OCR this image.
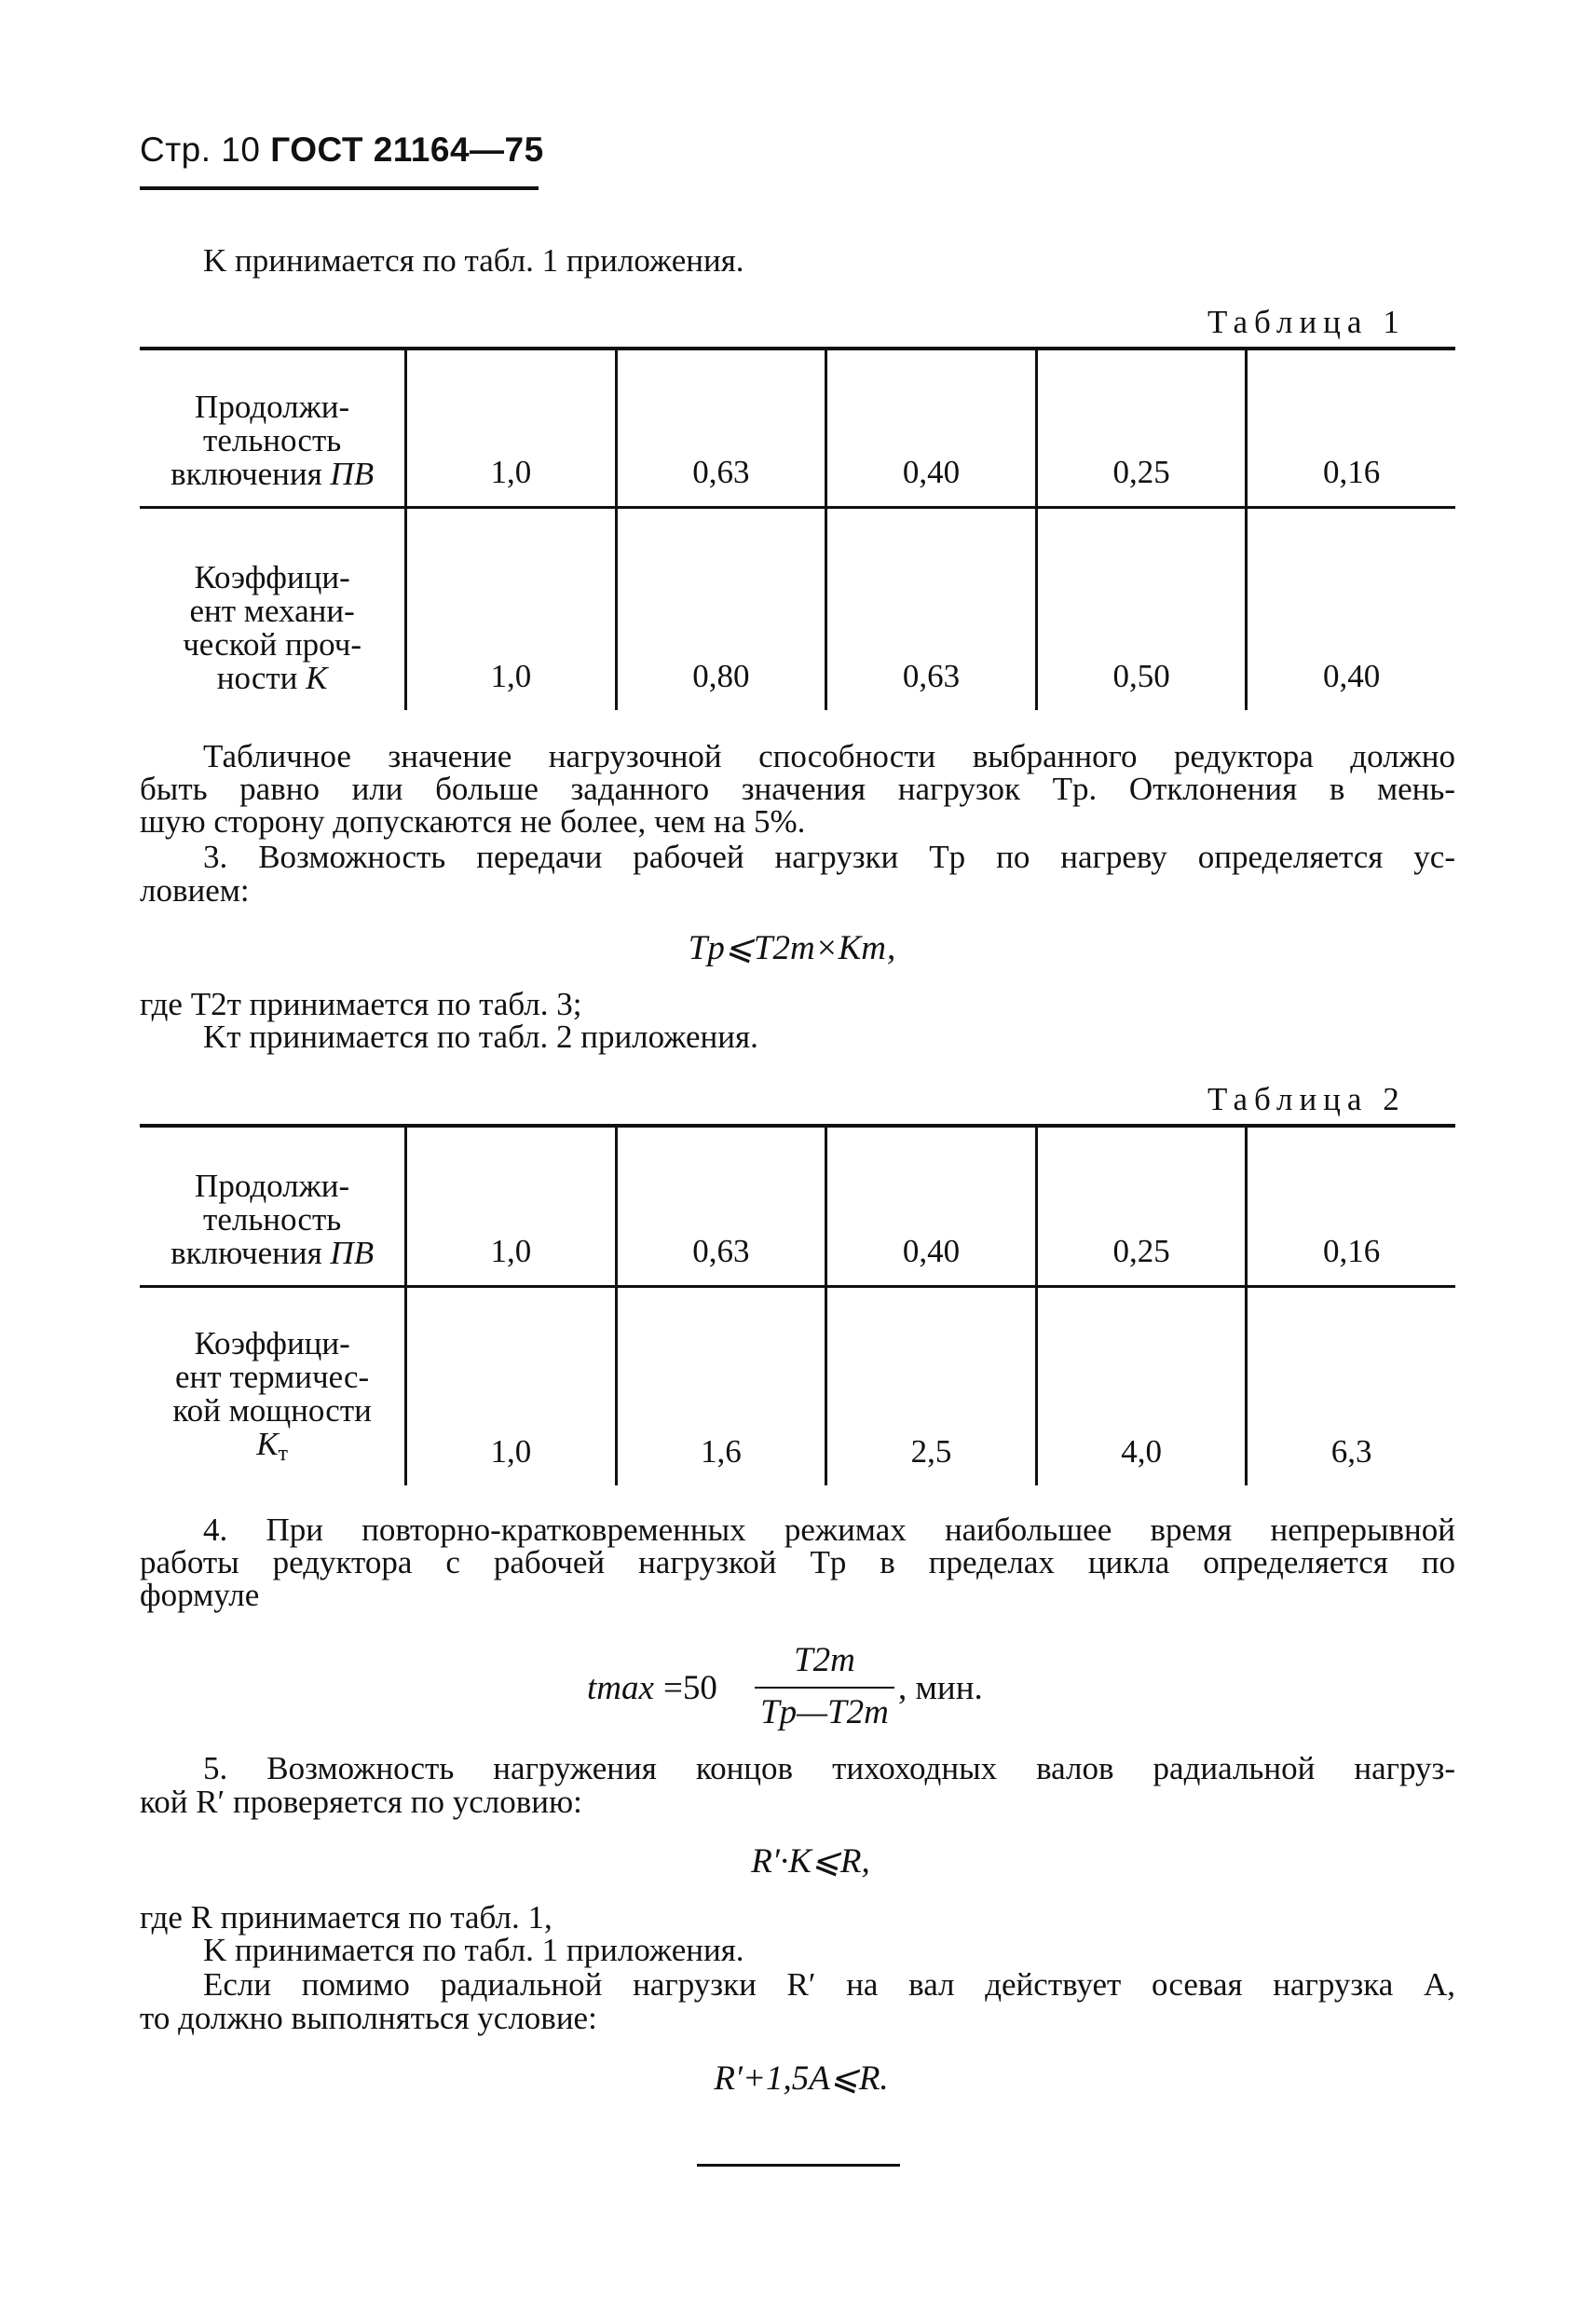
Стр. 10 ГОСТ 21164—75
K принимается по табл. 1 приложения.
Таблица 1
Продолжи-
тельность
включения ПВ	1,0	0,63	0,40	0,25	0,16
Коэффици-
ент механи-
ческой проч-
ности K	1,0	0,80	0,63	0,50	0,40
Табличное значение нагрузочной способности выбранного редуктора должно
быть равно или больше заданного значения нагрузок Tр. Отклонения в мень-
шую сторону допускаются не более, чем на 5%.
3. Возможность передачи рабочей нагрузки Tр по нагреву определяется ус-
ловием:
Tр⩽T2т×Kт,
где T2т принимается по табл. 3;
Kт принимается по табл. 2 приложения.
Таблица 2
Продолжи-
тельность
включения ПВ	1,0	0,63	0,40	0,25	0,16
Коэффици-
ент термичес-
кой мощности
$K_т$	1,0	1,6	2,5	4,0	6,3
4. При повторно-кратковременных режимах наибольшее время непрерывной
работы редуктора с рабочей нагрузкой Tр в пределах цикла определяется по
формуле
tmax =50
T2т
Tр—T2т
, мин.
5. Возможность нагружения концов тихоходных валов радиальной нагруз-
кой R′ проверяется по условию:
R′·K⩽R,
где R принимается по табл. 1,
K принимается по табл. 1 приложения.
Если помимо радиальной нагрузки R′ на вал действует осевая нагрузка A,
то должно выполняться условие:
R′+1,5A⩽R.
